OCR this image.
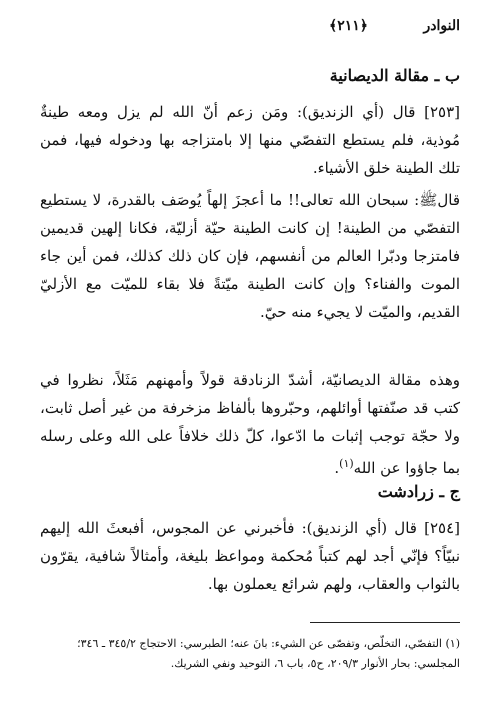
النوادر
﴿٢١١﴾
ب ـ مقالة الديصانية

[٢٥٣] قال (أي الزنديق): ومَن زعم أنّ الله لم يزل ومعه طينةٌ مُوذية، فلم يستطع التفصّي منها إلا بامتزاجه بها ودخوله فيها، فمن تلك الطينة خلق الأشياء.

قالﷺ: سبحان الله تعالى!! ما أعجزَ إلهاً يُوصَف بالقدرة، لا يستطيع التفصّي من الطينة! إن كانت الطينة حيّة أزليّة، فكانا إلهين قديمين فامتزجا ودبّرا العالم من أنفسهم، فإن كان ذلك كذلك، فمن أين جاء الموت والفناء؟ وإن كانت الطينة ميّتةً فلا بقاء للميّت مع الأزليّ القديم، والميّت لا يجيء منه حيّ.

وهذه مقالة الديصانيّة، أشدّ الزنادقة قولاً وأمهنهم مَثَلاً، نظروا في كتب قد صنّفتها أوائلهم، وحبّروها بألفاظ مزخرفة من غير أصل ثابت، ولا حجّة توجب إثبات ما ادّعوا، كلّ ذلك خلافاً على الله وعلى رسله بما جاؤوا عن الله$^{(١)}$.

ج ـ زرادشت

[٢٥٤] قال (أي الزنديق): فأخبرني عن المجوس، أفبعثَ الله إليهم نبيّاً؟ فإنّي أجد لهم كتباً مُحكمة ومواعظ بليغة، وأمثالاً شافية، يقرّون بالثواب والعقاب، ولهم شرائع يعملون بها.

(١) التفصّي، التخلّص، وتفصّى عن الشيء: بانَ عنه؛ الطبرسي: الاحتجاج ٣٤٥/٢ ـ ٣٤٦؛ المجلسي: بحار الأنوار ٢٠٩/٣، ح٥، باب ٦، التوحيد ونفي الشريك.
